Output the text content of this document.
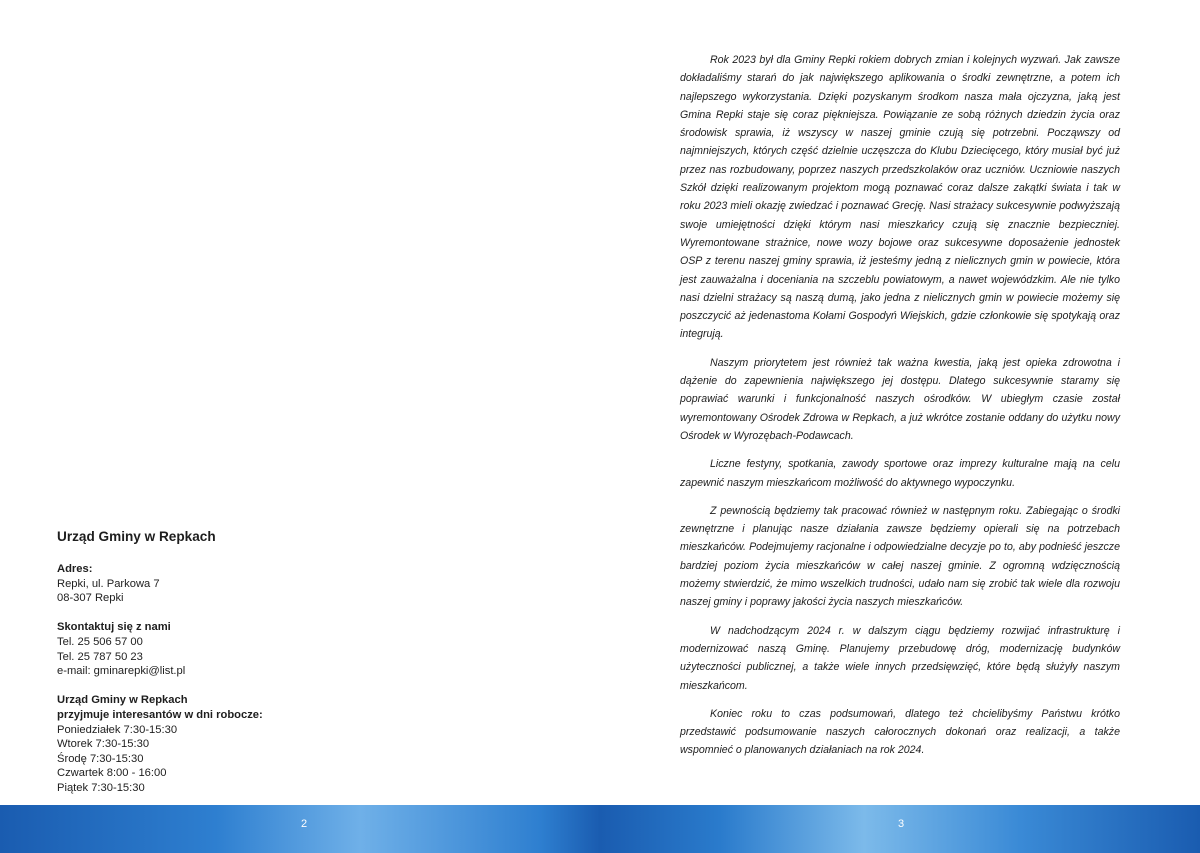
Urząd Gminy w Repkach
Adres:
Repki, ul. Parkowa 7
08-307 Repki
Skontaktuj się z nami
Tel. 25 506 57 00
Tel. 25 787 50 23
e-mail: gminarepki@list.pl
Urząd Gminy w Repkach
przyjmuje interesantów w dni robocze:
Poniedziałek 7:30-15:30
Wtorek 7:30-15:30
Środę 7:30-15:30
Czwartek 8:00 - 16:00
Piątek 7:30-15:30

Rok 2023 był dla Gminy Repki rokiem dobrych zmian i kolejnych wyzwań. Jak zawsze dokładaliśmy starań do jak największego aplikowania o środki zewnętrzne, a potem ich najlepszego wykorzystania. Dzięki pozyskanym środkom nasza mała ojczyzna, jaką jest Gmina Repki staje się coraz piękniejsza. Powiązanie ze sobą różnych dziedzin życia oraz środowisk sprawia, iż wszyscy w naszej gminie czują się potrzebni. Począwszy od najmniejszych, których część dzielnie uczęszcza do Klubu Dziecięcego, który musiał być już przez nas rozbudowany, poprzez naszych przedszkolaków oraz uczniów. Uczniowie naszych Szkół dzięki realizowanym projektom mogą poznawać coraz dalsze zakątki świata i tak w roku 2023 mieli okazję zwiedzać i poznawać Grecję. Nasi strażacy sukcesywnie podwyższają swoje umiejętności dzięki którym nasi mieszkańcy czują się znacznie bezpieczniej. Wyremontowane strażnice, nowe wozy bojowe oraz sukcesywne doposażenie jednostek OSP z terenu naszej gminy sprawia, iż jesteśmy jedną z nielicznych gmin w powiecie, która jest zauważalna i doceniania na szczeblu powiatowym, a nawet wojewódzkim. Ale nie tylko nasi dzielni strażacy są naszą dumą, jako jedna z nielicznych gmin w powiecie możemy się poszczycić aż jedenastoma Kołami Gospodyń Wiejskich, gdzie członkowie się spotykają oraz integrują.

Naszym priorytetem jest również tak ważna kwestia, jaką jest opieka zdrowotna i dążenie do zapewnienia największego jej dostępu. Dlatego sukcesywnie staramy się poprawiać warunki i funkcjonalność naszych ośrodków. W ubiegłym czasie został wyremontowany Ośrodek Zdrowa w Repkach, a już wkrótce zostanie oddany do użytku nowy Ośrodek w Wyrozębach-Podawcach.

Liczne festyny, spotkania, zawody sportowe oraz imprezy kulturalne mają na celu zapewnić naszym mieszkańcom możliwość do aktywnego wypoczynku.

Z pewnością będziemy tak pracować również w następnym roku. Zabiegając o środki zewnętrzne i planując nasze działania zawsze będziemy opierali się na potrzebach mieszkańców. Podejmujemy racjonalne i odpowiedzialne decyzje po to, aby podnieść jeszcze bardziej poziom życia mieszkańców w całej naszej gminie. Z ogromną wdzięcznością możemy stwierdzić, że mimo wszelkich trudności, udało nam się zrobić tak wiele dla rozwoju naszej gminy i poprawy jakości życia naszych mieszkańców.

W nadchodzącym 2024 r. w dalszym ciągu będziemy rozwijać infrastrukturę i modernizować naszą Gminę. Planujemy przebudowę dróg, modernizację budynków użyteczności publicznej, a także wiele innych przedsięwzięć, które będą służyły naszym mieszkańcom.

Koniec roku to czas podsumowań, dlatego też chcielibyśmy Państwu krótko przedstawić podsumowanie naszych całorocznych dokonań oraz realizacji, a także wspomnieć o planowanych działaniach na rok 2024.

2	3
